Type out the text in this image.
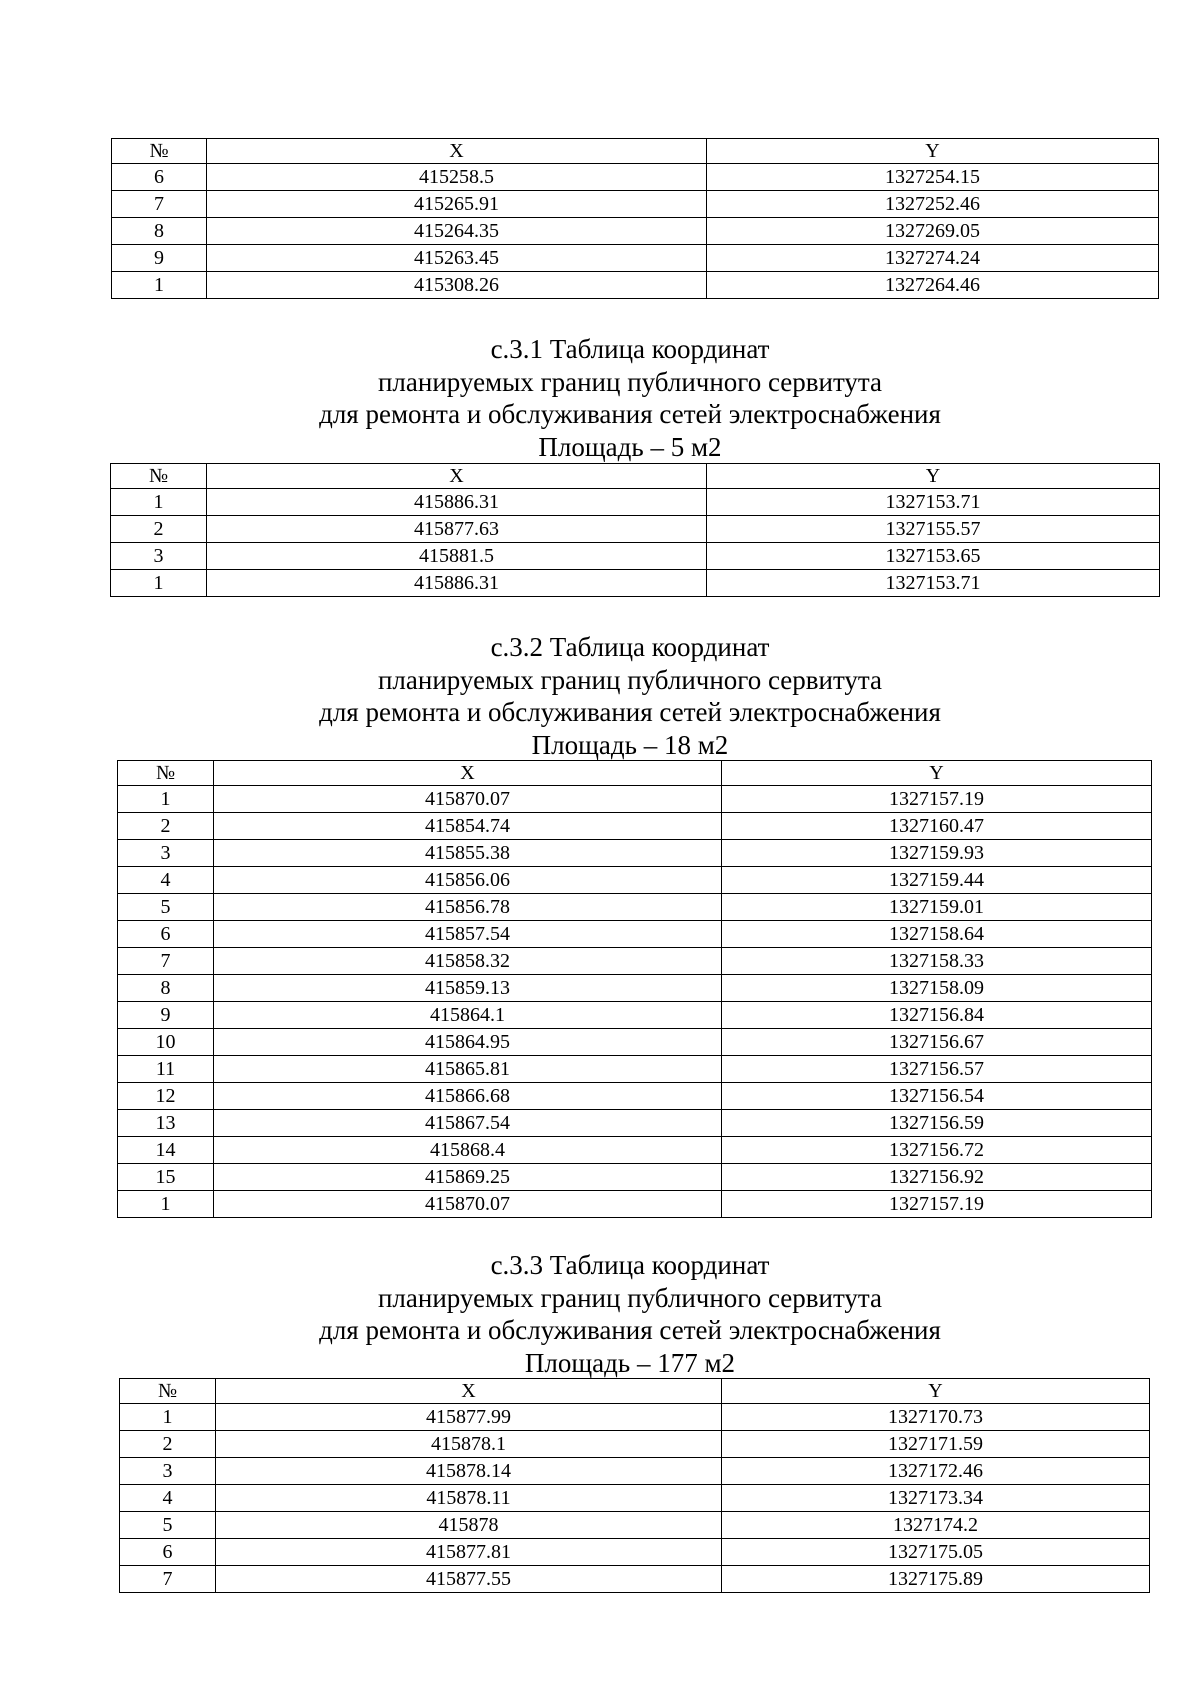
№	X	Y
6	415258.5	1327254.15
7	415265.91	1327252.46
8	415264.35	1327269.05
9	415263.45	1327274.24
1	415308.26	1327264.46
с.3.1 Таблица координат
планируемых границ публичного сервитута
для ремонта и обслуживания сетей электроснабжения
Площадь – 5 м2
№	X	Y
1	415886.31	1327153.71
2	415877.63	1327155.57
3	415881.5	1327153.65
1	415886.31	1327153.71
с.3.2 Таблица координат
планируемых границ публичного сервитута
для ремонта и обслуживания сетей электроснабжения
Площадь – 18 м2
№	X	Y
1	415870.07	1327157.19
2	415854.74	1327160.47
3	415855.38	1327159.93
4	415856.06	1327159.44
5	415856.78	1327159.01
6	415857.54	1327158.64
7	415858.32	1327158.33
8	415859.13	1327158.09
9	415864.1	1327156.84
10	415864.95	1327156.67
11	415865.81	1327156.57
12	415866.68	1327156.54
13	415867.54	1327156.59
14	415868.4	1327156.72
15	415869.25	1327156.92
1	415870.07	1327157.19
с.3.3 Таблица координат
планируемых границ публичного сервитута
для ремонта и обслуживания сетей электроснабжения
Площадь – 177 м2
№	X	Y
1	415877.99	1327170.73
2	415878.1	1327171.59
3	415878.14	1327172.46
4	415878.11	1327173.34
5	415878	1327174.2
6	415877.81	1327175.05
7	415877.55	1327175.89
